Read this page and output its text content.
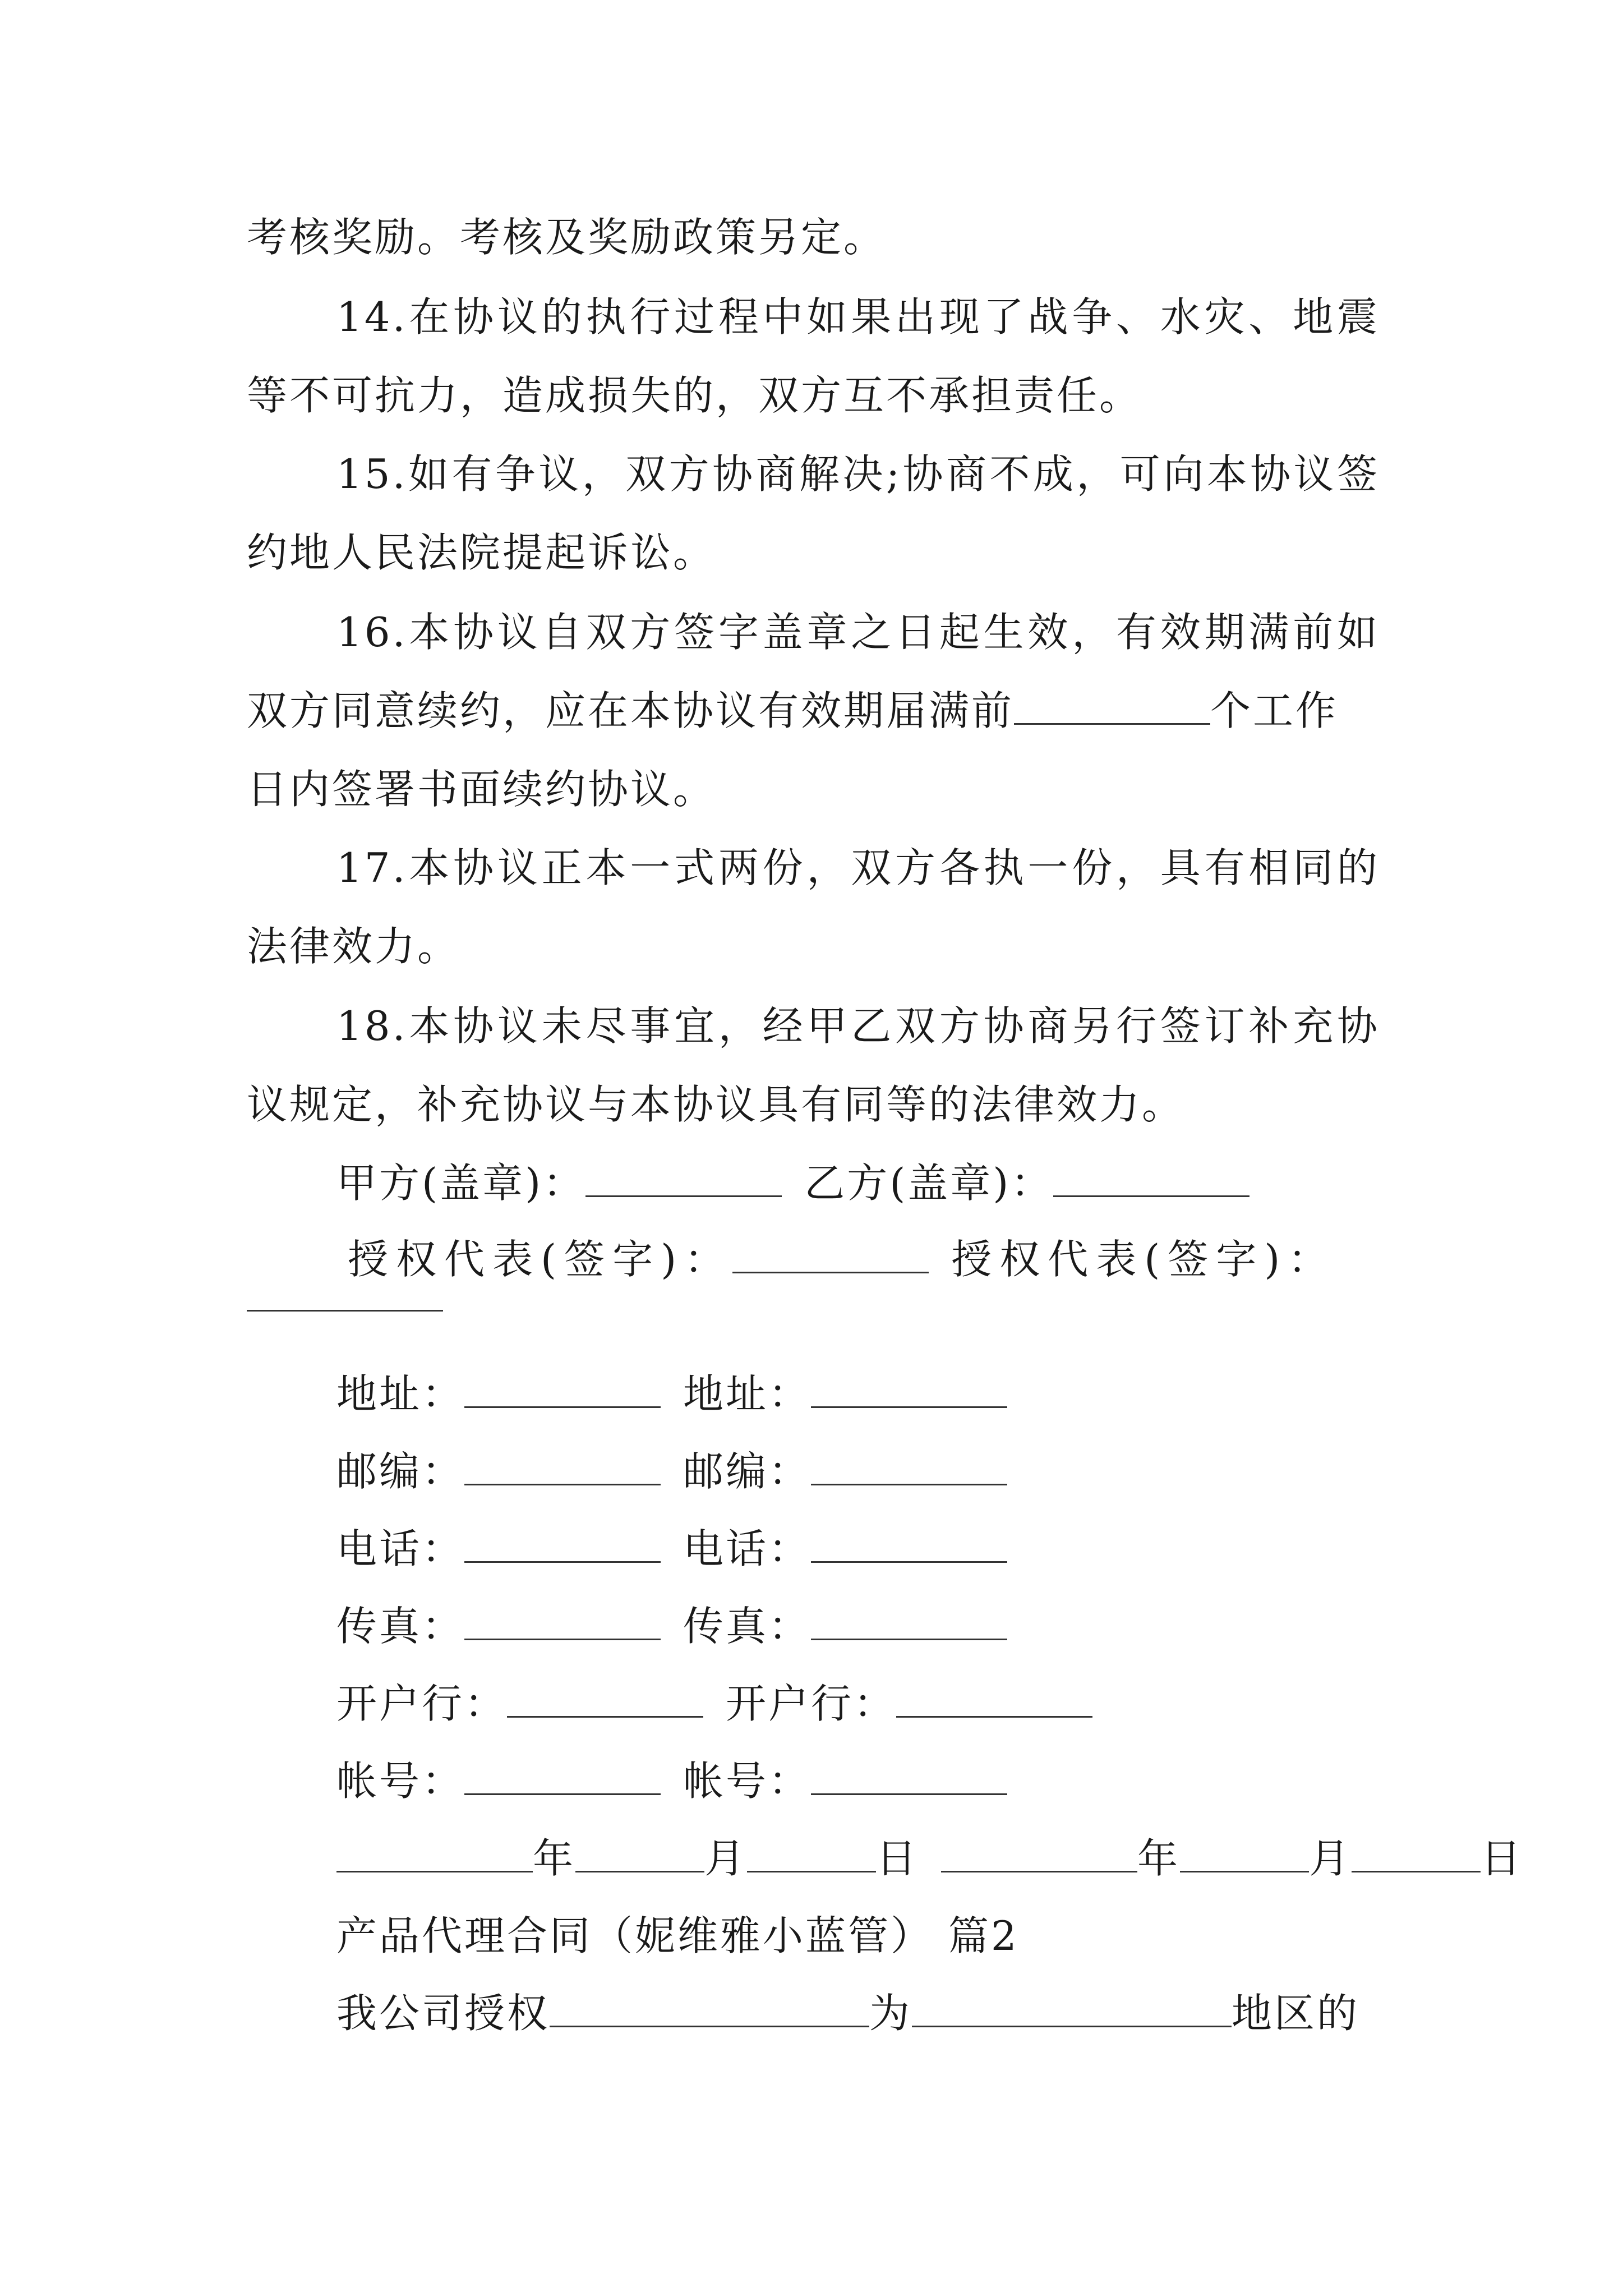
考核奖励。考核及奖励政策另定。
14.在协议的执行过程中如果出现了战争、水灾、地震
等不可抗力，造成损失的，双方互不承担责任。
15.如有争议，双方协商解决;协商不成，可向本协议签
约地人民法院提起诉讼。
16.本协议自双方签字盖章之日起生效，有效期满前如
双方同意续约，应在本协议有效期届满前	个工作
日内签署书面续约协议。
17.本协议正本一式两份，双方各执一份，具有相同的
法律效力。
18.本协议未尽事宜，经甲乙双方协商另行签订补充协
议规定，补充协议与本协议具有同等的法律效力。
甲方(盖章)：	乙方(盖章)：
授权代表(签字)：	授权代表(签字)：
地址：	地址：
邮编：	邮编：
电话：	电话：
传真：	传真：
开户行：	开户行：
帐号：	帐号：
年	月	日	年	月	日
产品代理合同（妮维雅小蓝管） 篇2
我公司授权	为	地区的
